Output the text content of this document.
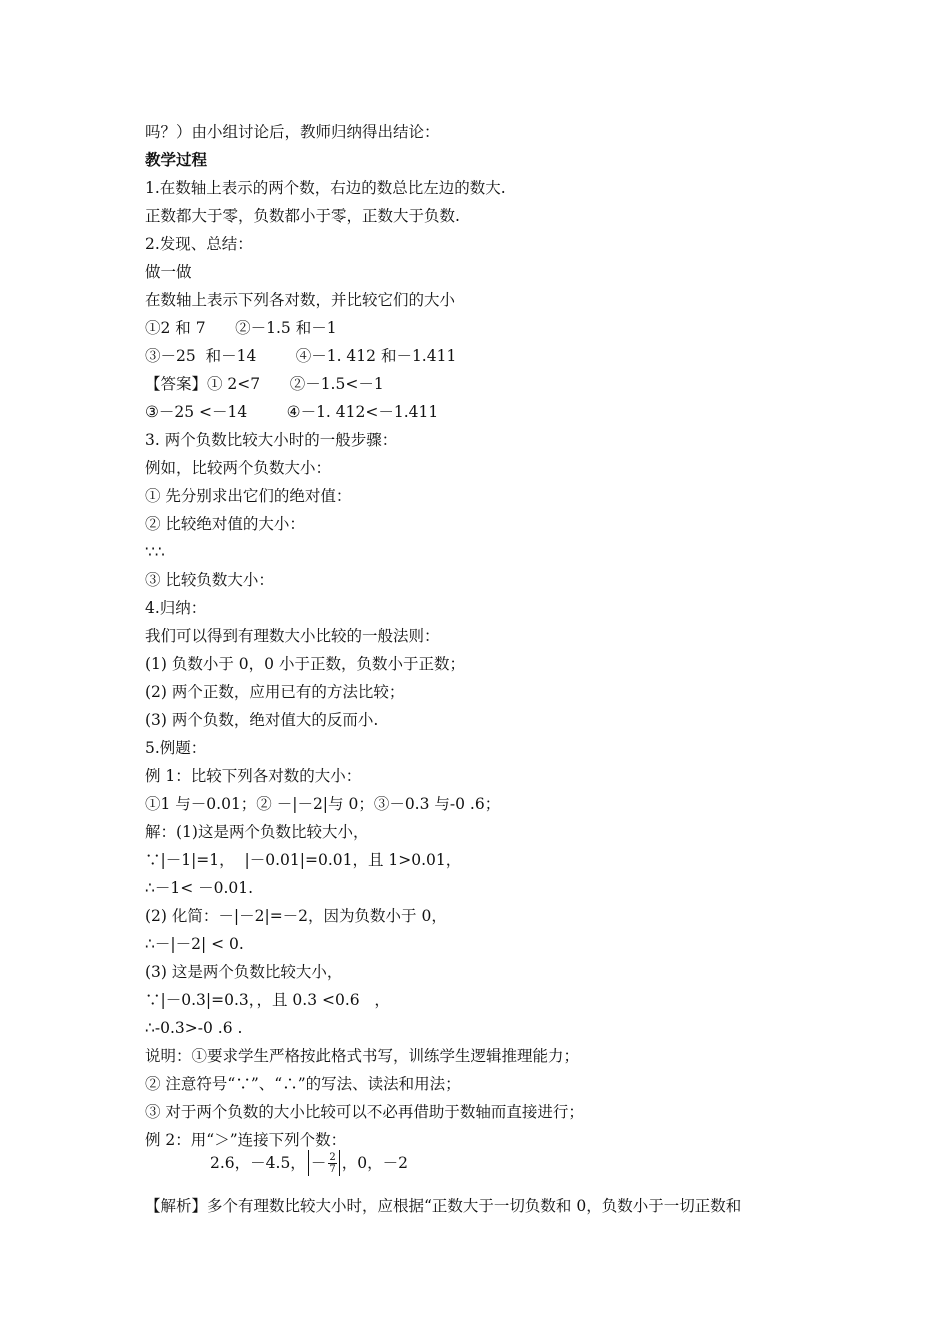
吗？）由小组讨论后，教师归纳得出结论：
教学过程
1.在数轴上表示的两个数，右边的数总比左边的数大.
正数都大于零，负数都小于零，正数大于负数.
2.发现、总结：
做一做
在数轴上表示下列各对数，并比较它们的大小
①2 和 7      ②－1.5 和－1
③－25  和－14        ④－1. 412 和－1.411
【答案】① 2<7      ②－1.5<－1
③－25 <－14        ④－1. 412<－1.411
3. 两个负数比较大小时的一般步骤：
例如，比较两个负数大小：
① 先分别求出它们的绝对值：
② 比较绝对值的大小：
∵∴
③ 比较负数大小：
4.归纳：
我们可以得到有理数大小比较的一般法则：
(1) 负数小于 0，0 小于正数，负数小于正数；
(2) 两个正数，应用已有的方法比较；
(3) 两个负数，绝对值大的反而小.
5.例题：
例 1：比较下列各对数的大小：
①1 与－0.01；② －|－2|与 0；③－0.3 与-0 .6；
解：(1)这是两个负数比较大小，
∵|－1|=1，  |－0.01|=0.01，且 1>0.01，
∴－1< －0.01.
(2) 化简：－|－2|=－2，因为负数小于 0，
∴－|－2| < 0.
(3) 这是两个负数比较大小，
∵|－0.3|=0.3，，且 0.3 <0.6   ，
∴-0.3>-0 .6 .
说明：①要求学生严格按此格式书写，训练学生逻辑推理能力；
② 注意符号“∵”、“∴”的写法、读法和用法；
③ 对于两个负数的大小比较可以不必再借助于数轴而直接进行；
例 2：用“＞”连接下列个数：
2.6，－4.5， － $\frac{2}{7}$ ，0，－2
【解析】多个有理数比较大小时，应根据“正数大于一切负数和 0，负数小于一切正数和
